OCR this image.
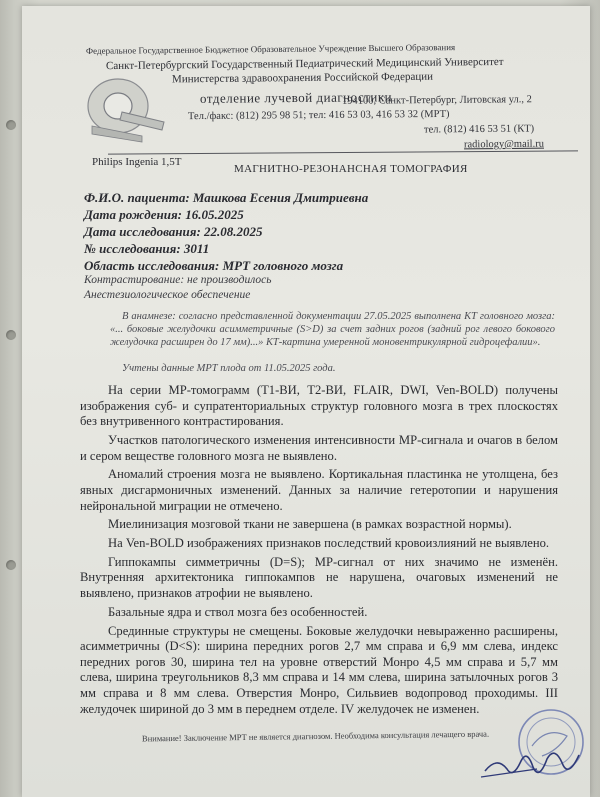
Федеральное Государственное Бюджетное Образовательное Учреждение Высшего Образования
Санкт-Петербургский Государственный Педиатрический Медицинский Университет
Министерства здравоохранения Российской Федерации
отделение лучевой диагностики
194100, Санкт-Петербург, Литовская ул., 2
Тел./факс: (812) 295 98 51; тел: 416 53 03, 416 53 32 (МРТ)
тел. (812) 416 53 51 (КТ)
radiology@mail.ru
Philips Ingenia 1,5T
МАГНИТНО-РЕЗОНАНСНАЯ ТОМОГРАФИЯ
Ф.И.О. пациента: Машкова Есения Дмитриевна
Дата рождения: 16.05.2025
Дата исследования: 22.08.2025
№ исследования: 3011
Область исследования: МРТ головного мозга
Контрастирование: не производилось
Анестезиологическое обеспечение
В анамнезе: согласно представленной документации 27.05.2025 выполнена КТ головного мозга: «... боковые желудочки асимметричные (S>D) за счет задних рогов (задний рог левого бокового желудочка расширен до 17 мм)...» КТ-картина умеренной моновентрикулярной гидроцефалии».
Учтены данные МРТ плода от 11.05.2025 года.

На серии МР-томограмм (Т1-ВИ, Т2-ВИ, FLAIR, DWI, Ven-BOLD) получены изображения суб- и супратенториальных структур головного мозга в трех плоскостях без внутривенного контрастирования.

Участков патологического изменения интенсивности МР-сигнала и очагов в белом и сером веществе головного мозга не выявлено.

Аномалий строения мозга не выявлено. Кортикальная пластинка не утолщена, без явных дисгармоничных изменений. Данных за наличие гетеротопии и нарушения нейрональной миграции не отмечено.

Миелинизация мозговой ткани не завершена (в рамках возрастной нормы).

На Ven-BOLD изображениях признаков последствий кровоизлияний не выявлено.

Гиппокампы симметричны (D=S); МР-сигнал от них значимо не изменён. Внутренняя архитектоника гиппокампов не нарушена, очаговых изменений не выявлено, признаков атрофии не выявлено.

Базальные ядра и ствол мозга без особенностей.

Срединные структуры не смещены. Боковые желудочки невыраженно расширены, асимметричны (D<S): ширина передних рогов 2,7 мм справа и 6,9 мм слева, индекс передних рогов 30, ширина тел на уровне отверстий Монро 4,5 мм справа и 5,7 мм слева, ширина треугольников 8,3 мм справа и 14 мм слева, ширина затылочных рогов 3 мм справа и 8 мм слева. Отверстия Монро, Сильвиев водопровод проходимы. III желудочек шириной до 3 мм в переднем отделе. IV желудочек не изменен.

Внимание! Заключение МРТ не является диагнозом. Необходима консультация лечащего врача.
